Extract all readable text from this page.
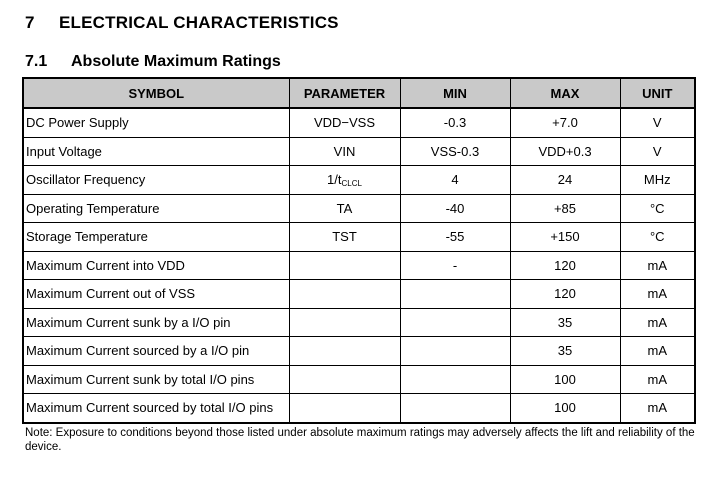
7 ELECTRICAL CHARACTERISTICS
7.1 Absolute Maximum Ratings
SYMBOL	PARAMETER	MIN	MAX	UNIT
DC Power Supply	VDD−VSS	-0.3	+7.0	V
Input Voltage	VIN	VSS-0.3	VDD+0.3	V
Oscillator Frequency	$1/t_{CLCL}$	4	24	MHz
Operating Temperature	TA	-40	+85	°C
Storage Temperature	TST	-55	+150	°C
Maximum Current into VDD		-	120	mA
Maximum Current out of VSS			120	mA
Maximum Current sunk by a I/O pin			35	mA
Maximum Current sourced by a I/O pin			35	mA
Maximum Current sunk by total I/O pins			100	mA
Maximum Current sourced by total I/O pins			100	mA
Note: Exposure to conditions beyond those listed under absolute maximum ratings may adversely affects the lift and reliability of the device.
